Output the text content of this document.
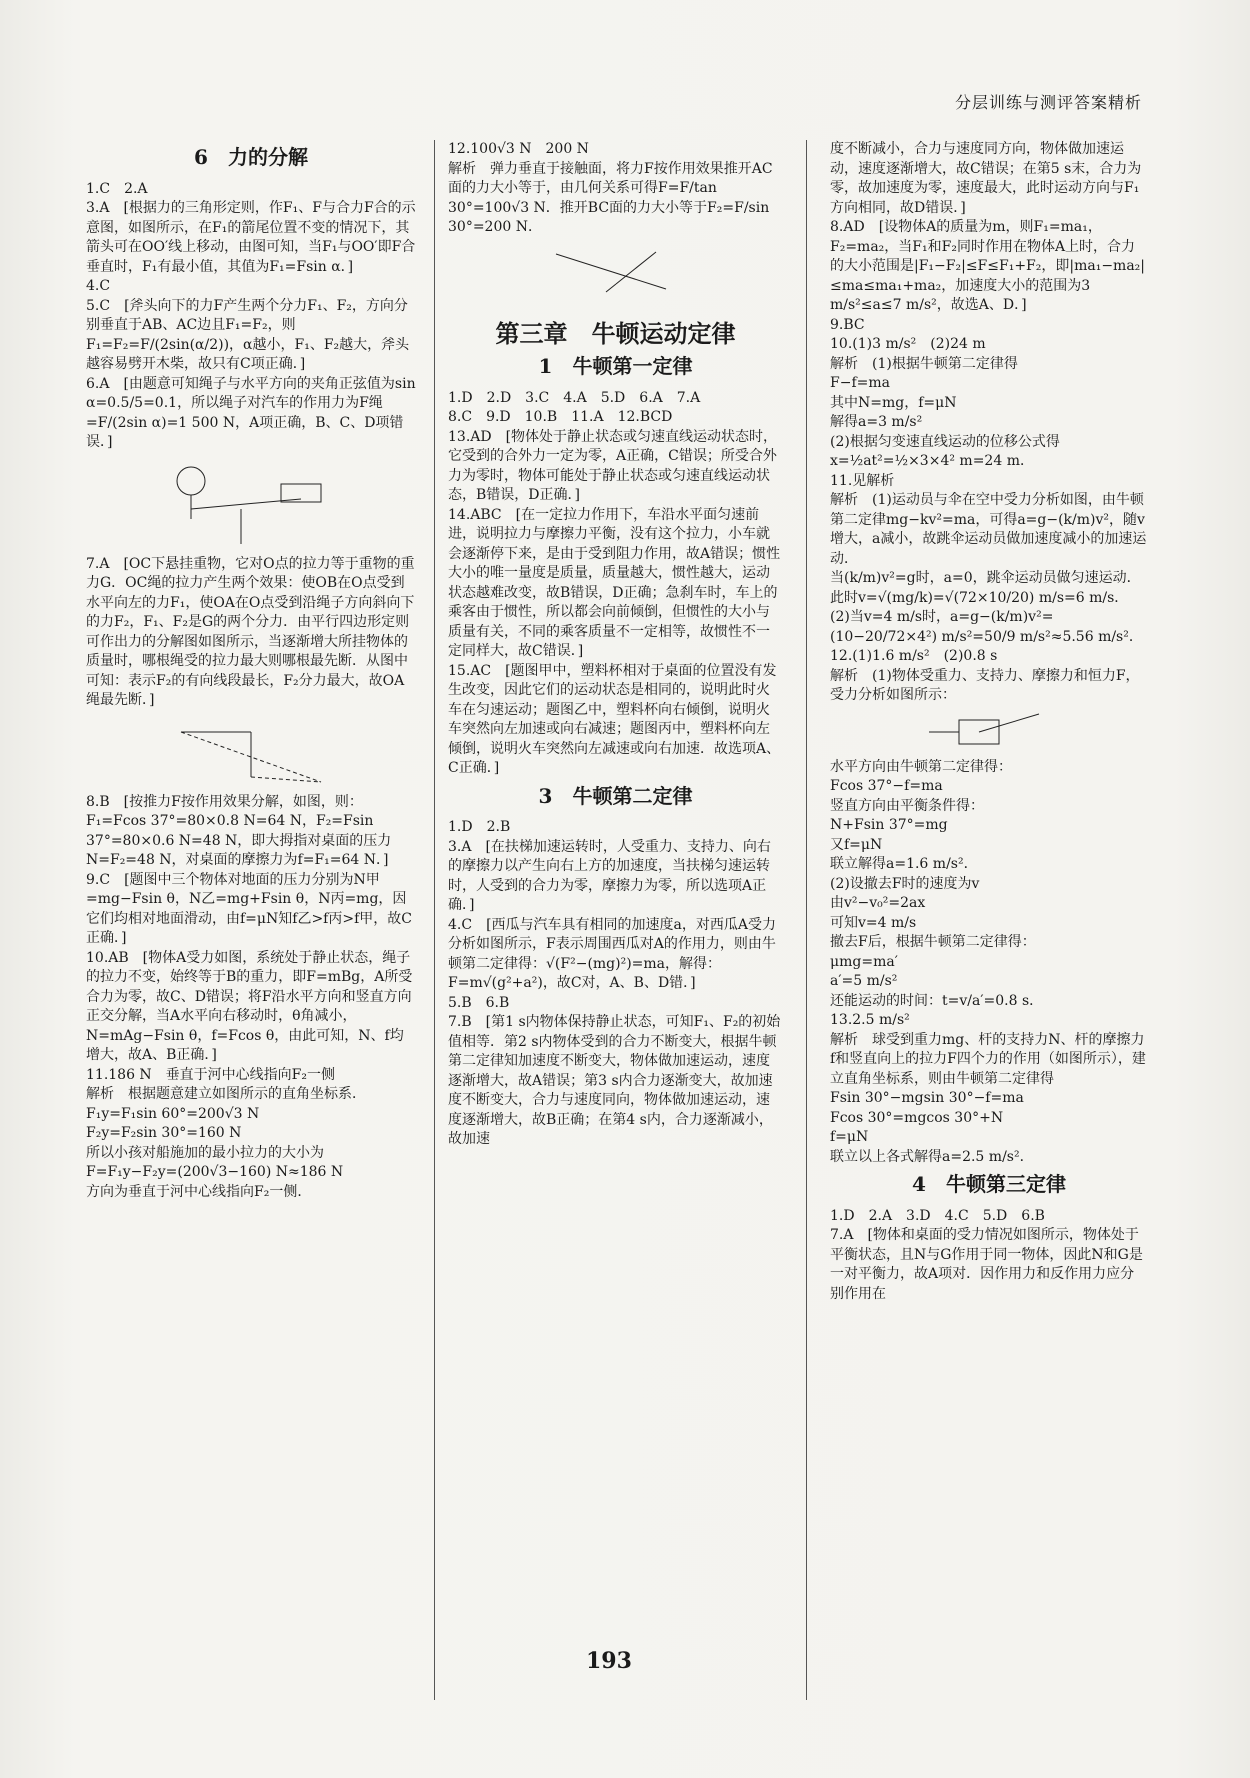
分层训练与测评答案精析
6　力的分解

1.C　2.A

3.A　[根据力的三角形定则，作F₁、F与合力F合的示意图，如图所示，在F₁的箭尾位置不变的情况下，其箭头可在OO′线上移动，由图可知，当F₁与OO′即F合垂直时，F₁有最小值，其值为F₁=Fsin α．]

4.C

5.C　[斧头向下的力F产生两个分力F₁、F₂，方向分别垂直于AB、AC边且F₁=F₂，则F₁=F₂=F/(2sin(α/2))，α越小，F₁、F₂越大，斧头越容易劈开木柴，故只有C项正确．]

6.A　[由题意可知绳子与水平方向的夹角正弦值为sin α=0.5/5=0.1，所以绳子对汽车的作用力为F绳=F/(2sin α)=1 500 N，A项正确，B、C、D项错误．]

7.A　[OC下悬挂重物，它对O点的拉力等于重物的重力G．OC绳的拉力产生两个效果：使OB在O点受到水平向左的力F₁，使OA在O点受到沿绳子方向斜向下的力F₂，F₁、F₂是G的两个分力．由平行四边形定则可作出力的分解图如图所示，当逐渐增大所挂物体的质量时，哪根绳受的拉力最大则哪根最先断．从图中可知：表示F₂的有向线段最长，F₂分力最大，故OA绳最先断．]

8.B　[按推力F按作用效果分解，如图，则：F₁=Fcos 37°=80×0.8 N=64 N，F₂=Fsin 37°=80×0.6 N=48 N，即大拇指对桌面的压力N=F₂=48 N，对桌面的摩擦力为f=F₁=64 N．]

9.C　[题图中三个物体对地面的压力分别为N甲=mg−Fsin θ，N乙=mg+Fsin θ，N丙=mg，因它们均相对地面滑动，由f=μN知f乙>f丙>f甲，故C正确．]

10.AB　[物体A受力如图，系统处于静止状态，绳子的拉力不变，始终等于B的重力，即F=mBg，A所受合力为零，故C、D错误；将F沿水平方向和竖直方向正交分解，当A水平向右移动时，θ角减小，N=mAg−Fsin θ，f=Fcos θ，由此可知，N、f均增大，故A、B正确．]

11.186 N　垂直于河中心线指向F₂一侧

解析　根据题意建立如图所示的直角坐标系．

F₁y=F₁sin 60°=200√3 N

F₂y=F₂sin 30°=160 N

所以小孩对船施加的最小拉力的大小为

F=F₁y−F₂y=(200√3−160) N≈186 N

方向为垂直于河中心线指向F₂一侧．

12.100√3 N　200 N

解析　弹力垂直于接触面，将力F按作用效果推开AC面的力大小等于，由几何关系可得F=F/tan 30°=100√3 N．推开BC面的力大小等于F₂=F/sin 30°=200 N．

第三章　牛顿运动定律
1　牛顿第一定律

1.D　2.D　3.C　4.A　5.D　6.A　7.A

8.C　9.D　10.B　11.A　12.BCD

13.AD　[物体处于静止状态或匀速直线运动状态时，它受到的合外力一定为零，A正确，C错误；所受合外力为零时，物体可能处于静止状态或匀速直线运动状态，B错误，D正确．]

14.ABC　[在一定拉力作用下，车沿水平面匀速前进，说明拉力与摩擦力平衡，没有这个拉力，小车就会逐渐停下来，是由于受到阻力作用，故A错误；惯性大小的唯一量度是质量，质量越大，惯性越大，运动状态越难改变，故B错误，D正确；急刹车时，车上的乘客由于惯性，所以都会向前倾倒，但惯性的大小与质量有关，不同的乘客质量不一定相等，故惯性不一定同样大，故C错误．]

15.AC　[题图甲中，塑料杯相对于桌面的位置没有发生改变，因此它们的运动状态是相同的，说明此时火车在匀速运动；题图乙中，塑料杯向右倾倒，说明火车突然向左加速或向右减速；题图丙中，塑料杯向左倾倒，说明火车突然向左减速或向右加速．故选项A、C正确．]

3　牛顿第二定律

1.D　2.B

3.A　[在扶梯加速运转时，人受重力、支持力、向右的摩擦力以产生向右上方的加速度，当扶梯匀速运转时，人受到的合力为零，摩擦力为零，所以选项A正确．]

4.C　[西瓜与汽车具有相同的加速度a，对西瓜A受力分析如图所示，F表示周围西瓜对A的作用力，则由牛顿第二定律得：√(F²−(mg)²)=ma，解得：F=m√(g²+a²)，故C对，A、B、D错．]

5.B　6.B

7.B　[第1 s内物体保持静止状态，可知F₁、F₂的初始值相等．第2 s内物体受到的合力不断变大，根据牛顿第二定律知加速度不断变大，物体做加速运动，速度逐渐增大，故A错误；第3 s内合力逐渐变大，故加速度不断变大，合力与速度同向，物体做加速运动，速度逐渐增大，故B正确；在第4 s内，合力逐渐减小，故加速

度不断减小，合力与速度同方向，物体做加速运动，速度逐渐增大，故C错误；在第5 s末，合力为零，故加速度为零，速度最大，此时运动方向与F₁方向相同，故D错误．]

8.AD　[设物体A的质量为m，则F₁=ma₁，F₂=ma₂，当F₁和F₂同时作用在物体A上时，合力的大小范围是|F₁−F₂|≤F≤F₁+F₂，即|ma₁−ma₂|≤ma≤ma₁+ma₂，加速度大小的范围为3 m/s²≤a≤7 m/s²，故选A、D．]

9.BC

10.(1)3 m/s²　(2)24 m

解析　(1)根据牛顿第二定律得

F−f=ma

其中N=mg，f=μN

解得a=3 m/s²

(2)根据匀变速直线运动的位移公式得

x=½at²=½×3×4² m=24 m．

11.见解析

解析　(1)运动员与伞在空中受力分析如图，由牛顿第二定律mg−kv²=ma，可得a=g−(k/m)v²，随v增大，a减小，故跳伞运动员做加速度减小的加速运动．

当(k/m)v²=g时，a=0，跳伞运动员做匀速运动．

此时v=√(mg/k)=√(72×10/20) m/s=6 m/s．

(2)当v=4 m/s时，a=g−(k/m)v²=(10−20/72×4²) m/s²=50/9 m/s²≈5.56 m/s²．

12.(1)1.6 m/s²　(2)0.8 s

解析　(1)物体受重力、支持力、摩擦力和恒力F，受力分析如图所示：

水平方向由牛顿第二定律得：

Fcos 37°−f=ma

竖直方向由平衡条件得：

N+Fsin 37°=mg

又f=μN

联立解得a=1.6 m/s²．

(2)设撤去F时的速度为v

由v²−v₀²=2ax

可知v=4 m/s

撤去F后，根据牛顿第二定律得：

μmg=ma′

a′=5 m/s²

还能运动的时间：t=v/a′=0.8 s．

13.2.5 m/s²

解析　球受到重力mg、杆的支持力N、杆的摩擦力f和竖直向上的拉力F四个力的作用（如图所示），建立直角坐标系，则由牛顿第二定律得

Fsin 30°−mgsin 30°−f=ma

Fcos 30°=mgcos 30°+N

f=μN

联立以上各式解得a=2.5 m/s²．

4　牛顿第三定律

1.D　2.A　3.D　4.C　5.D　6.B

7.A　[物体和桌面的受力情况如图所示，物体处于平衡状态，且N与G作用于同一物体，因此N和G是一对平衡力，故A项对．因作用力和反作用力应分别作用在

193
